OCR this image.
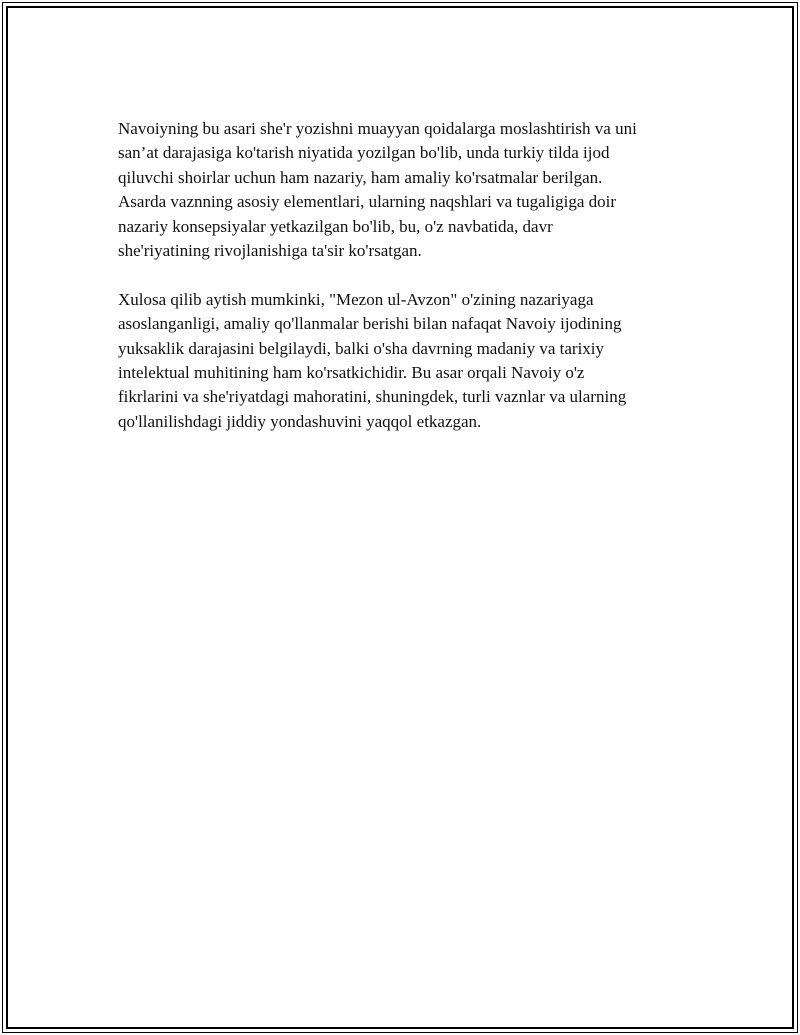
Navoiyning bu asari she'r yozishni muayyan qoidalarga moslashtirish va uni
san’at darajasiga ko'tarish niyatida yozilgan bo'lib, unda turkiy tilda ijod
qiluvchi shoirlar uchun ham nazariy, ham amaliy ko'rsatmalar berilgan.
Asarda vaznning asosiy elementlari, ularning naqshlari va tugaligiga doir
nazariy konsepsiyalar yetkazilgan bo'lib, bu, o'z navbatida, davr
she'riyatining rivojlanishiga ta'sir ko'rsatgan.

Xulosa qilib aytish mumkinki, "Mezon ul-Avzon" o'zining nazariyaga
asoslanganligi, amaliy qo'llanmalar berishi bilan nafaqat Navoiy ijodining
yuksaklik darajasini belgilaydi, balki o'sha davrning madaniy va tarixiy
intelektual muhitining ham ko'rsatkichidir. Bu asar orqali Navoiy o'z
fikrlarini va she'riyatdagi mahoratini, shuningdek, turli vaznlar va ularning
qo'llanilishdagi jiddiy yondashuvini yaqqol etkazgan.
